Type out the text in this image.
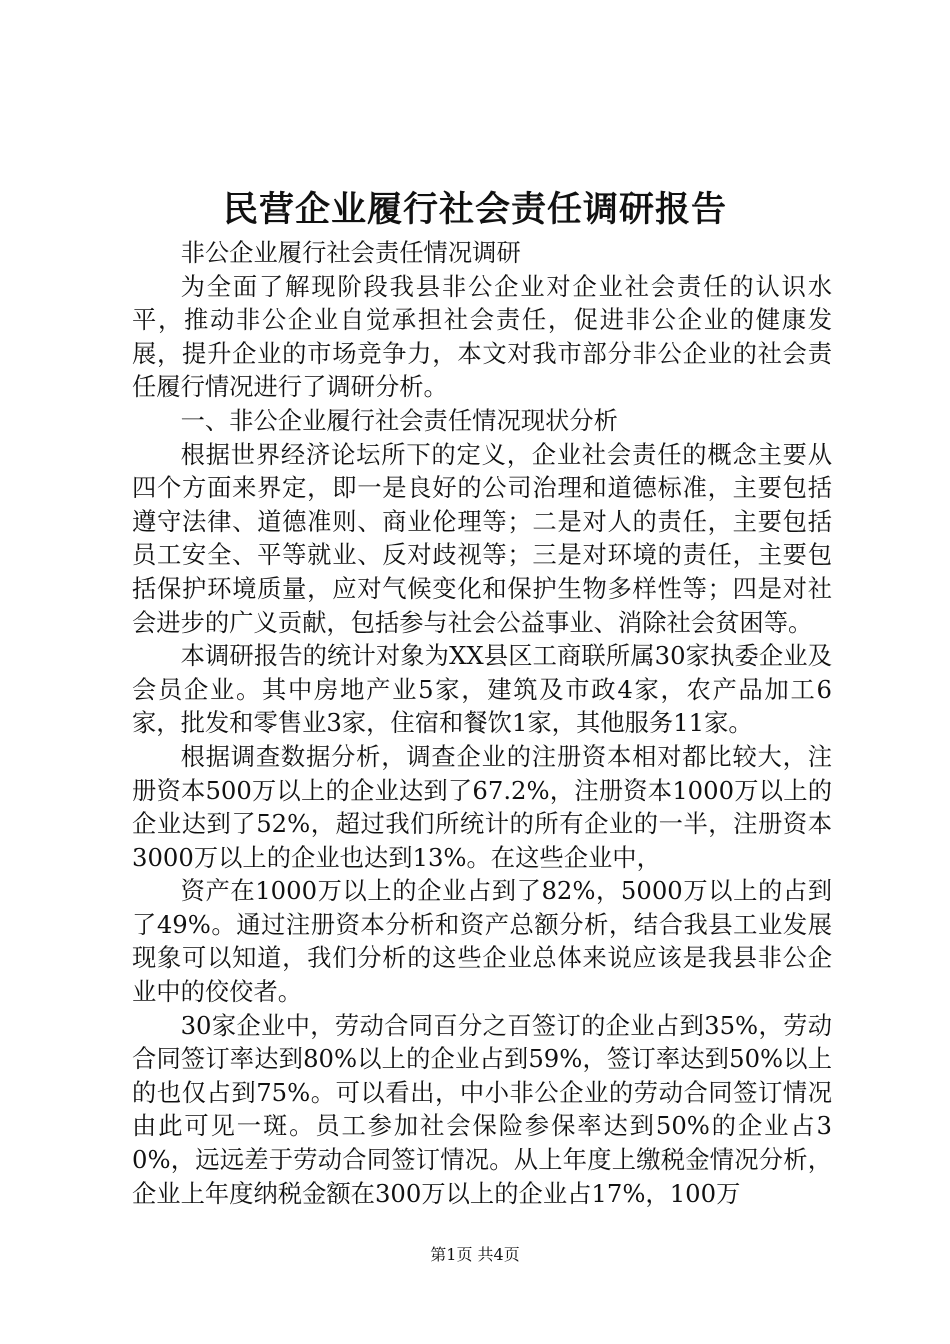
民营企业履行社会责任调研报告

非公企业履行社会责任情况调研

为全面了解现阶段我县非公企业对企业社会责任的认识水平，推动非公企业自觉承担社会责任，促进非公企业的健康发展，提升企业的市场竞争力，本文对我市部分非公企业的社会责任履行情况进行了调研分析。

一、非公企业履行社会责任情况现状分析

根据世界经济论坛所下的定义，企业社会责任的概念主要从四个方面来界定，即一是良好的公司治理和道德标准，主要包括遵守法律、道德准则、商业伦理等；二是对人的责任，主要包括员工安全、平等就业、反对歧视等；三是对环境的责任，主要包括保护环境质量，应对气候变化和保护生物多样性等；四是对社会进步的广义贡献，包括参与社会公益事业、消除社会贫困等。

本调研报告的统计对象为XX县区工商联所属30家执委企业及会员企业。其中房地产业5家，建筑及市政4家，农产品加工6家，批发和零售业3家，住宿和餐饮1家，其他服务11家。

根据调查数据分析，调查企业的注册资本相对都比较大，注册资本500万以上的企业达到了67.2%，注册资本1000万以上的企业达到了52%，超过我们所统计的所有企业的一半，注册资本3000万以上的企业也达到13%。在这些企业中，

资产在1000万以上的企业占到了82%，5000万以上的占到了49%。通过注册资本分析和资产总额分析，结合我县工业发展现象可以知道，我们分析的这些企业总体来说应该是我县非公企业中的佼佼者。

30家企业中，劳动合同百分之百签订的企业占到35%，劳动合同签订率达到80%以上的企业占到59%，签订率达到50%以上的也仅占到75%。可以看出，中小非公企业的劳动合同签订情况由此可见一斑。员工参加社会保险参保率达到50%的企业占30%，远远差于劳动合同签订情况。从上年度上缴税金情况分析，企业上年度纳税金额在300万以上的企业占17%，100万

第1页 共4页
